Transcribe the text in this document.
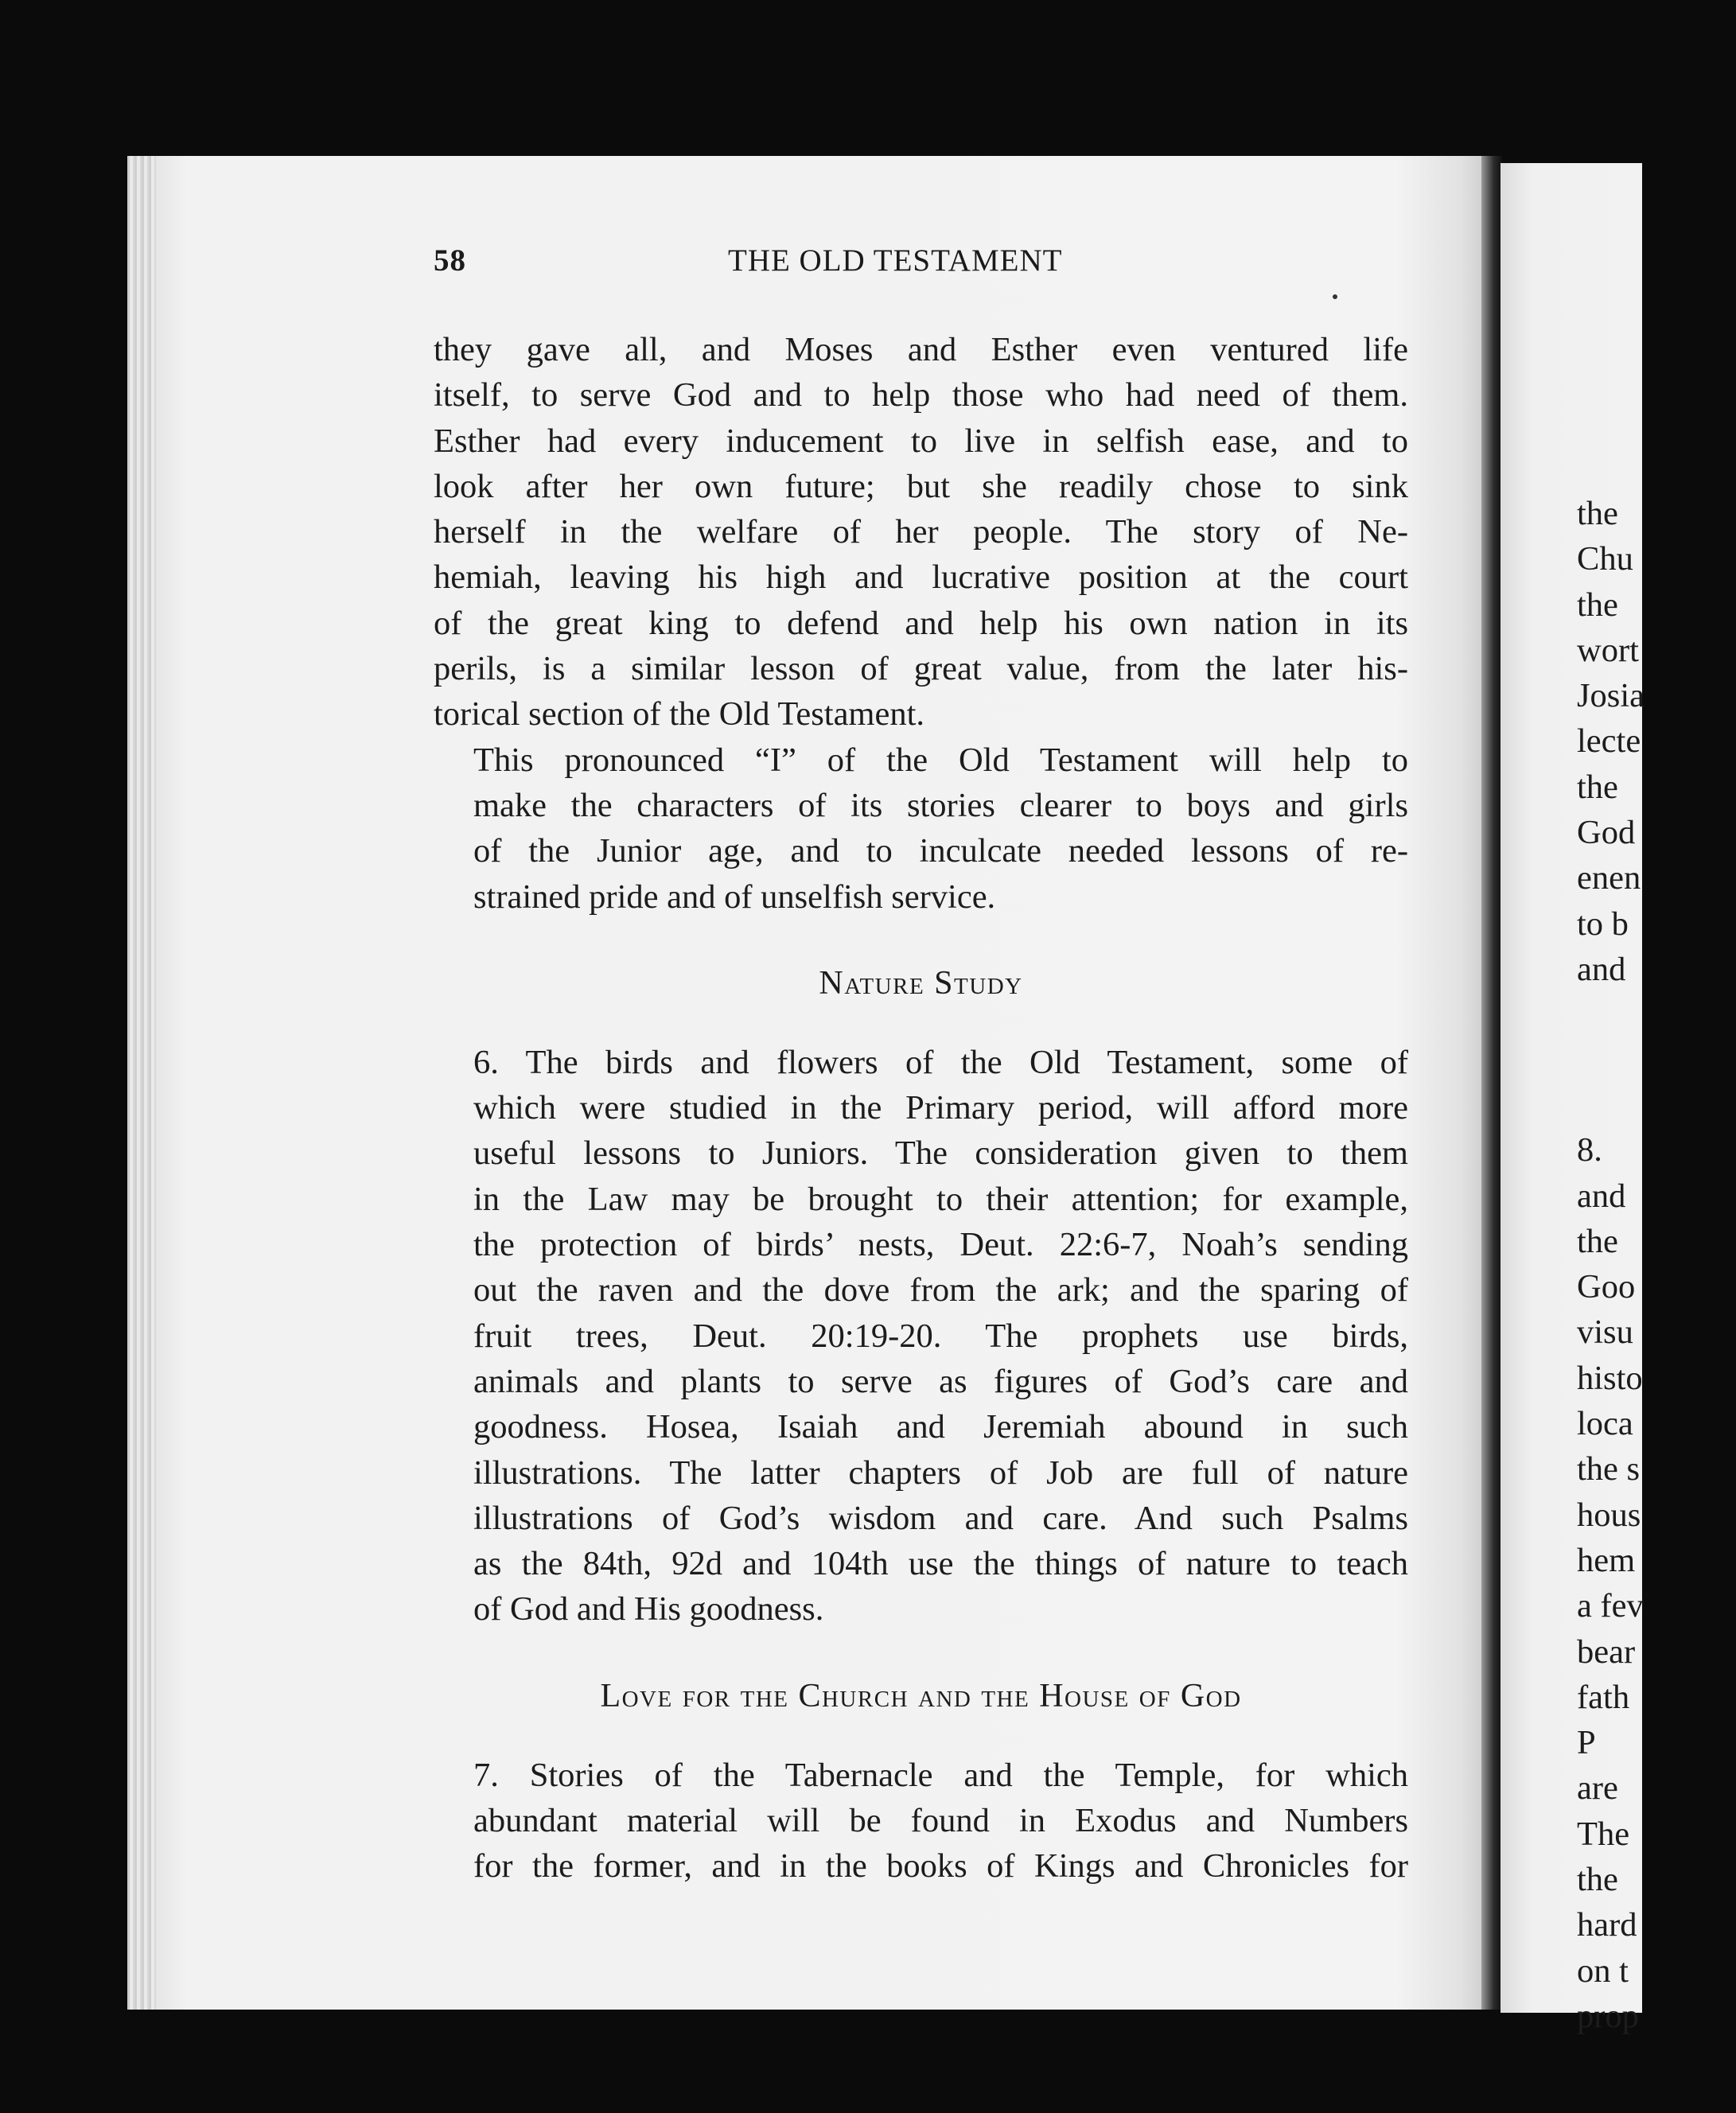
the
Chu
the
wort
Josia
lecte
the
God
enen
to b
and
8.
and
the
Goo
visu
histo
loca
the s
hous
hem
a fev
bear
fath
P
are
The
the
hard
on t
prop
58	THE OLD TESTAMENT

they gave all, and Moses and Esther even ventured life
itself, to serve God and to help those who had need of them.
Esther had every inducement to live in selfish ease, and to
look after her own future; but she readily chose to sink
herself in the welfare of her people. The story of Ne-
hemiah, leaving his high and lucrative position at the court
of the great king to defend and help his own nation in its
perils, is a similar lesson of great value, from the later his-
torical section of the Old Testament.

This pronounced “I” of the Old Testament will help to
make the characters of its stories clearer to boys and girls
of the Junior age, and to inculcate needed lessons of re-
strained pride and of unselfish service.

Nature Study

6. The birds and flowers of the Old Testament, some of
which were studied in the Primary period, will afford more
useful lessons to Juniors. The consideration given to them
in the Law may be brought to their attention; for example,
the protection of birds’ nests, Deut. 22:6-7, Noah’s sending
out the raven and the dove from the ark; and the sparing of
fruit trees, Deut. 20:19-20. The prophets use birds,
animals and plants to serve as figures of God’s care and
goodness. Hosea, Isaiah and Jeremiah abound in such
illustrations. The latter chapters of Job are full of nature
illustrations of God’s wisdom and care. And such Psalms
as the 84th, 92d and 104th use the things of nature to teach
of God and His goodness.

Love for the Church and the House of God

7. Stories of the Tabernacle and the Temple, for which
abundant material will be found in Exodus and Numbers
for the former, and in the books of Kings and Chronicles for
